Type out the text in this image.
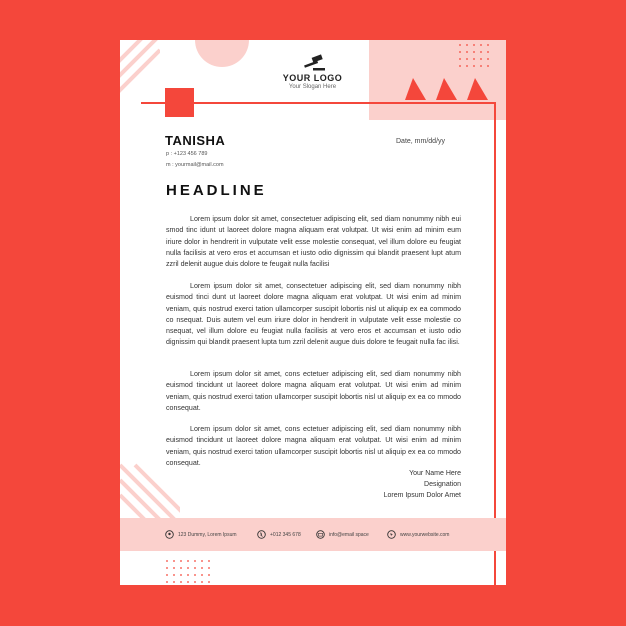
YOUR LOGO
Your Slogan Here
TANISHA
p : +123 456 789
m : yourmail@mail.com
Date, mm/dd/yy
HEADLINE

Lorem ipsum dolor sit amet, consectetuer adipiscing elit, sed diam nonummy nibh eui smod tinc idunt ut laoreet dolore magna aliquam erat volutpat. Ut wisi enim ad minim eum iriure dolor in hendrerit in vulputate velit esse molestie consequat, vel illum dolore eu feugiat nulla facilisis at vero eros et accumsan et iusto odio dignissim qui blandit praesent lupt atum zzril delenit augue duis dolore te feugait nulla facilisi

Lorem ipsum dolor sit amet, consectetuer adipiscing elit, sed diam nonummy nibh euismod tinci dunt ut laoreet dolore magna aliquam erat volutpat. Ut wisi enim ad minim veniam, quis nostrud exerci tation ullamcorper suscipit lobortis nisl ut aliquip ex ea commodo co nsequat. Duis autem vel eum iriure dolor in hendrerit in vulputate velit esse molestie co nsequat, vel illum dolore eu feugiat nulla facilisis at vero eros et accumsan et iusto odio dignissim qui blandit praesent lupta tum zzril delenit augue duis dolore te feugait nulla fac ilisi.

Lorem ipsum dolor sit amet, cons ectetuer adipiscing elit, sed diam nonummy nibh euismod tincidunt ut laoreet dolore magna aliquam erat volutpat. Ut wisi enim ad minim veniam, quis nostrud exerci tation ullamcorper suscipit lobortis nisl ut aliquip ex ea co mmodo consequat.

Lorem ipsum dolor sit amet, cons ectetuer adipiscing elit, sed diam nonummy nibh euismod tincidunt ut laoreet dolore magna aliquam erat volutpat. Ut wisi enim ad minim veniam, quis nostrud exerci tation ullamcorper suscipit lobortis nisl ut aliquip ex ea co mmodo consequat.

Your Name Here
Designation
Lorem Ipsum Dolor Amet
123 Dummy, Lorem Ipsum	+012 345 678	info@email space	www.yourwebsite.com
